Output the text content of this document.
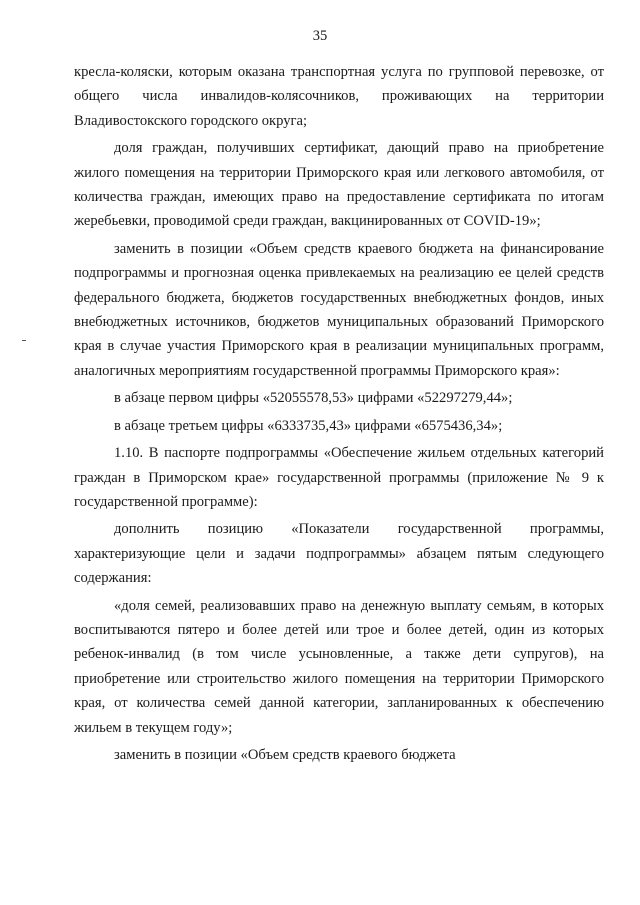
35

кресла-коляски, которым оказана транспортная услуга по групповой перевозке, от общего числа инвалидов-колясочников, проживающих на территории Владивостокского городского округа;

доля граждан, получивших сертификат, дающий право на приобретение жилого помещения на территории Приморского края или легкового автомобиля, от количества граждан, имеющих право на предоставление сертификата по итогам жеребьевки, проводимой среди граждан, вакцинированных от COVID-19»;

заменить в позиции «Объем средств краевого бюджета на финансирование подпрограммы и прогнозная оценка привлекаемых на реализацию ее целей средств федерального бюджета, бюджетов государственных внебюджетных фондов, иных внебюджетных источников, бюджетов муниципальных образований Приморского края в случае участия Приморского края в реализации муниципальных программ, аналогичных мероприятиям государственной программы Приморского края»:

в абзаце первом цифры «52055578,53» цифрами «52297279,44»;

в абзаце третьем цифры «6333735,43» цифрами «6575436,34»;

1.10. В паспорте подпрограммы «Обеспечение жильем отдельных категорий граждан в Приморском крае» государственной программы (приложение № 9 к государственной программе):

дополнить позицию «Показатели государственной программы, характеризующие цели и задачи подпрограммы» абзацем пятым следующего содержания:

«доля семей, реализовавших право на денежную выплату семьям, в которых воспитываются пятеро и более детей или трое и более детей, один из которых ребенок-инвалид (в том числе усыновленные, а также дети супругов), на приобретение или строительство жилого помещения на территории Приморского края, от количества семей данной категории, запланированных к обеспечению жильем в текущем году»;

заменить в позиции «Объем средств краевого бюджета
